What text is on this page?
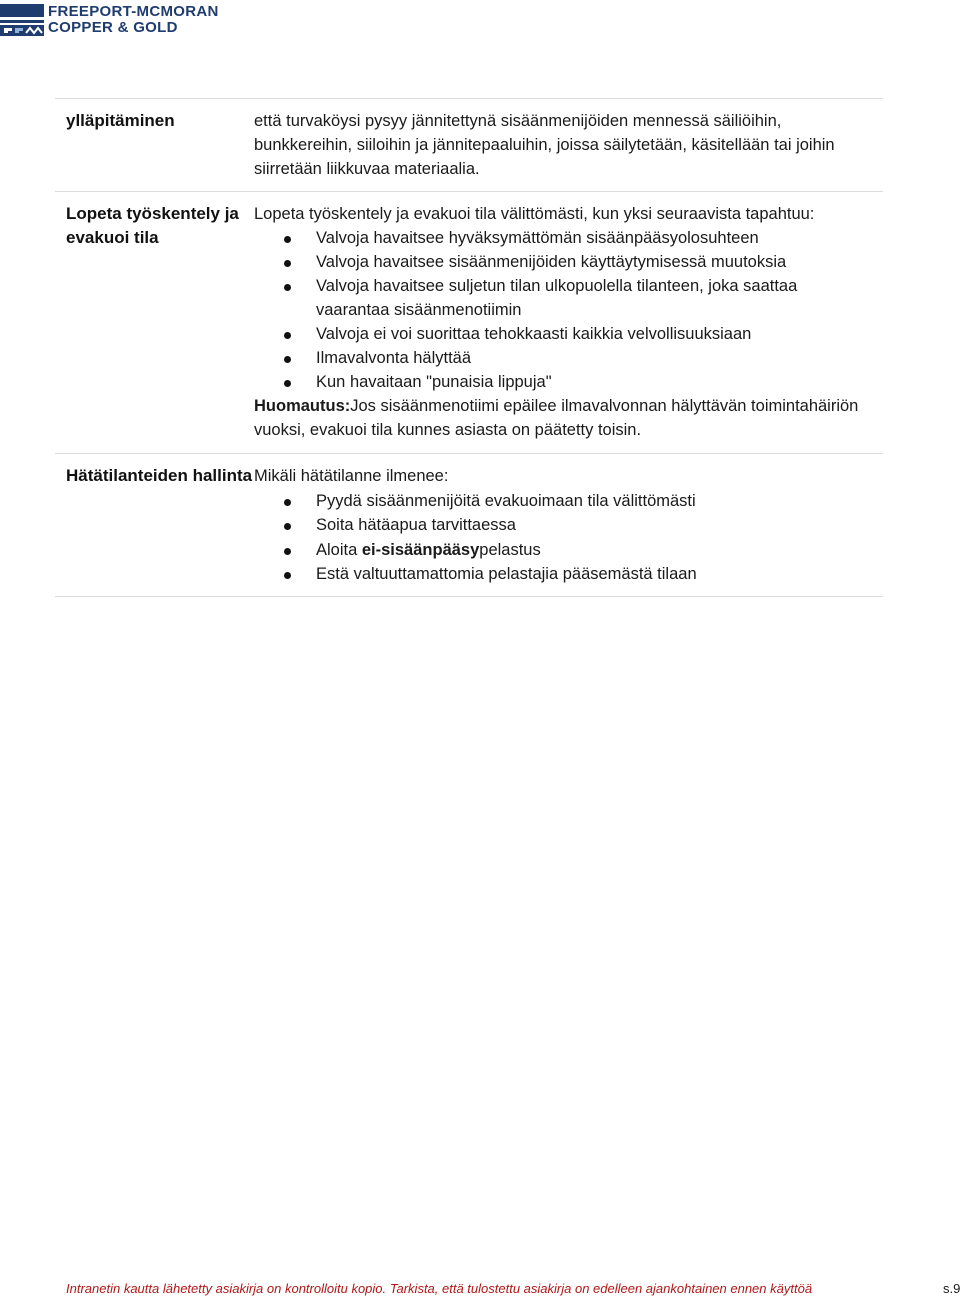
FREEPORT-MCMORAN
COPPER & GOLD
ylläpitäminen	että turvaköysi pysyy jännitettynä sisäänmenijöiden mennessä säiliöihin, bunkkereihin, siiloihin ja jännitepaaluihin, joissa säilytetään, käsitellään tai joihin siirretään liikkuvaa materiaalia.
Lopeta työskentely ja evakuoi tila
Lopeta työskentely ja evakuoi tila välittömästi, kun yksi seuraavista tapahtuu:
Valvoja havaitsee hyväksymättömän sisäänpääsyolosuhteen
Valvoja havaitsee sisäänmenijöiden käyttäytymisessä muutoksia
Valvoja havaitsee suljetun tilan ulkopuolella tilanteen, joka saattaa vaarantaa sisäänmenotiimin
Valvoja ei voi suorittaa tehokkaasti kaikkia velvollisuuksiaan
Ilmavalvonta hälyttää
Kun havaitaan "punaisia lippuja"
Huomautus:Jos sisäänmenotiimi epäilee ilmavalvonnan hälyttävän toimintahäiriön vuoksi, evakuoi tila kunnes asiasta on päätetty toisin.
Hätätilanteiden hallinta Mikäli hätätilanne ilmenee:
Pyydä sisäänmenijöitä evakuoimaan tila välittömästi
Soita hätäapua tarvittaessa
Aloita ei-sisäänpääsypelastus
Estä valtuuttamattomia pelastajia pääsemästä tilaan
Intranetin kautta lähetetty asiakirja on kontrolloitu kopio. Tarkista, että tulostettu asiakirja on edelleen ajankohtainen ennen käyttöä	s.9
